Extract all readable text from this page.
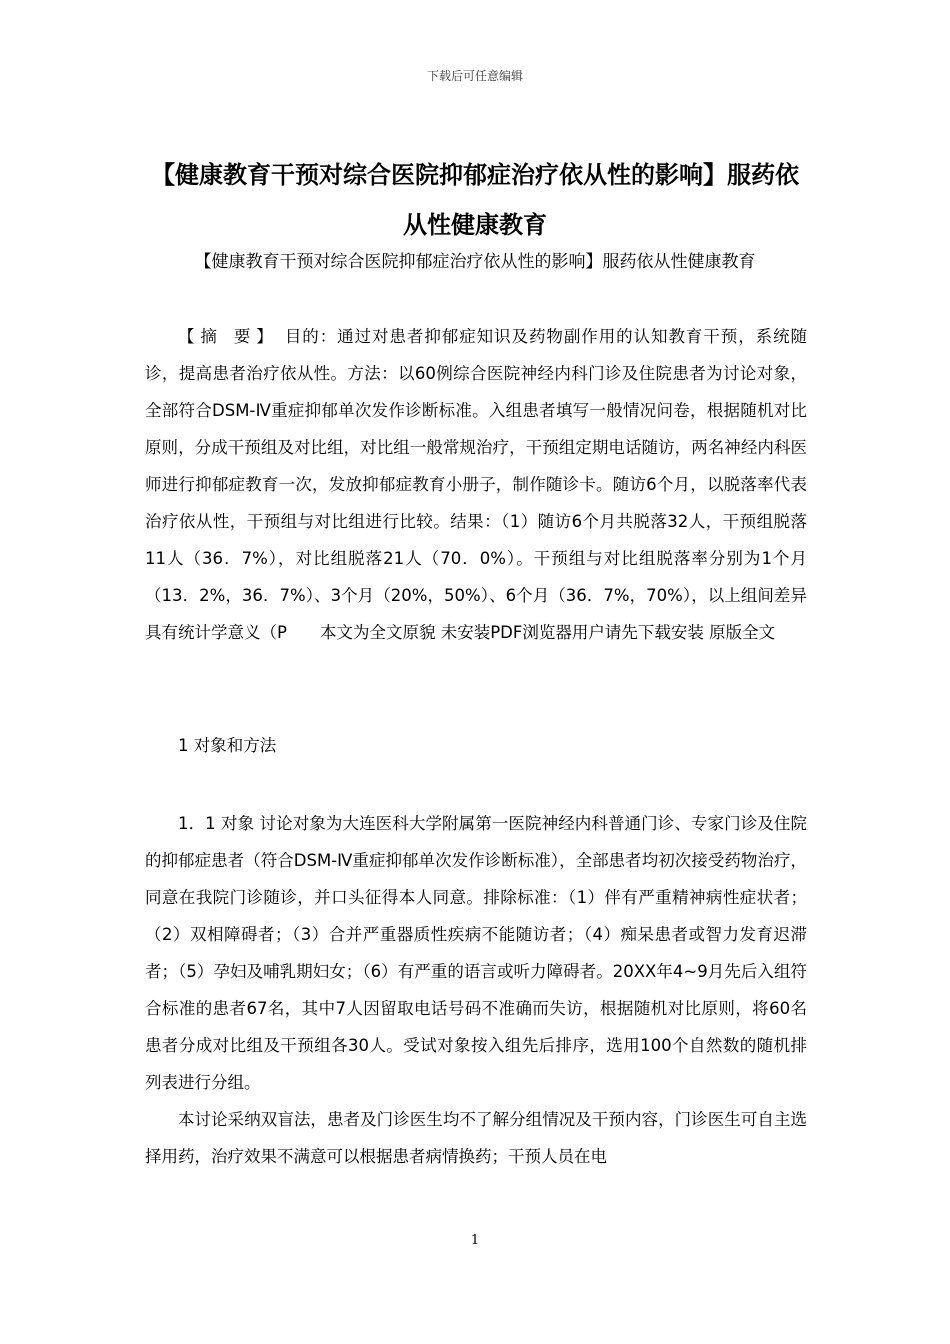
下载后可任意编辑
【健康教育干预对综合医院抑郁症治疗依从性的影响】服药依从性健康教育
【健康教育干预对综合医院抑郁症治疗依从性的影响】服药依从性健康教育

【摘 要】 目的：通过对患者抑郁症知识及药物副作用的认知教育干预，系统随诊，提高患者治疗依从性。方法：以60例综合医院神经内科门诊及住院患者为讨论对象，全部符合DSM-Ⅳ重症抑郁单次发作诊断标准。入组患者填写一般情况问卷，根据随机对比原则，分成干预组及对比组，对比组一般常规治疗，干预组定期电话随访，两名神经内科医师进行抑郁症教育一次，发放抑郁症教育小册子，制作随诊卡。随访6个月，以脱落率代表治疗依从性，干预组与对比组进行比较。结果：（1）随访6个月共脱落32人，干预组脱落11人（36．7%），对比组脱落21人（70．0%）。干预组与对比组脱落率分别为1个月（13．2%，36．7%）、3个月（20%，50%）、6个月（36．7%，70%），以上组间差异具有统计学意义（P　　本文为全文原貌 未安装PDF浏览器用户请先下载安装 原版全文

1 对象和方法

1．1 对象 讨论对象为大连医科大学附属第一医院神经内科普通门诊、专家门诊及住院的抑郁症患者（符合DSM-Ⅳ重症抑郁单次发作诊断标准），全部患者均初次接受药物治疗，同意在我院门诊随诊，并口头征得本人同意。排除标准：（1）伴有严重精神病性症状者；（2）双相障碍者；（3）合并严重器质性疾病不能随访者；（4）痴呆患者或智力发育迟滞者；（5）孕妇及哺乳期妇女；（6）有严重的语言或听力障碍者。20XX年4~9月先后入组符合标准的患者67名，其中7人因留取电话号码不准确而失访，根据随机对比原则，将60名患者分成对比组及干预组各30人。受试对象按入组先后排序，选用100个自然数的随机排列表进行分组。

本讨论采纳双盲法，患者及门诊医生均不了解分组情况及干预内容，门诊医生可自主选择用药，治疗效果不满意可以根据患者病情换药；干预人员在电

1
